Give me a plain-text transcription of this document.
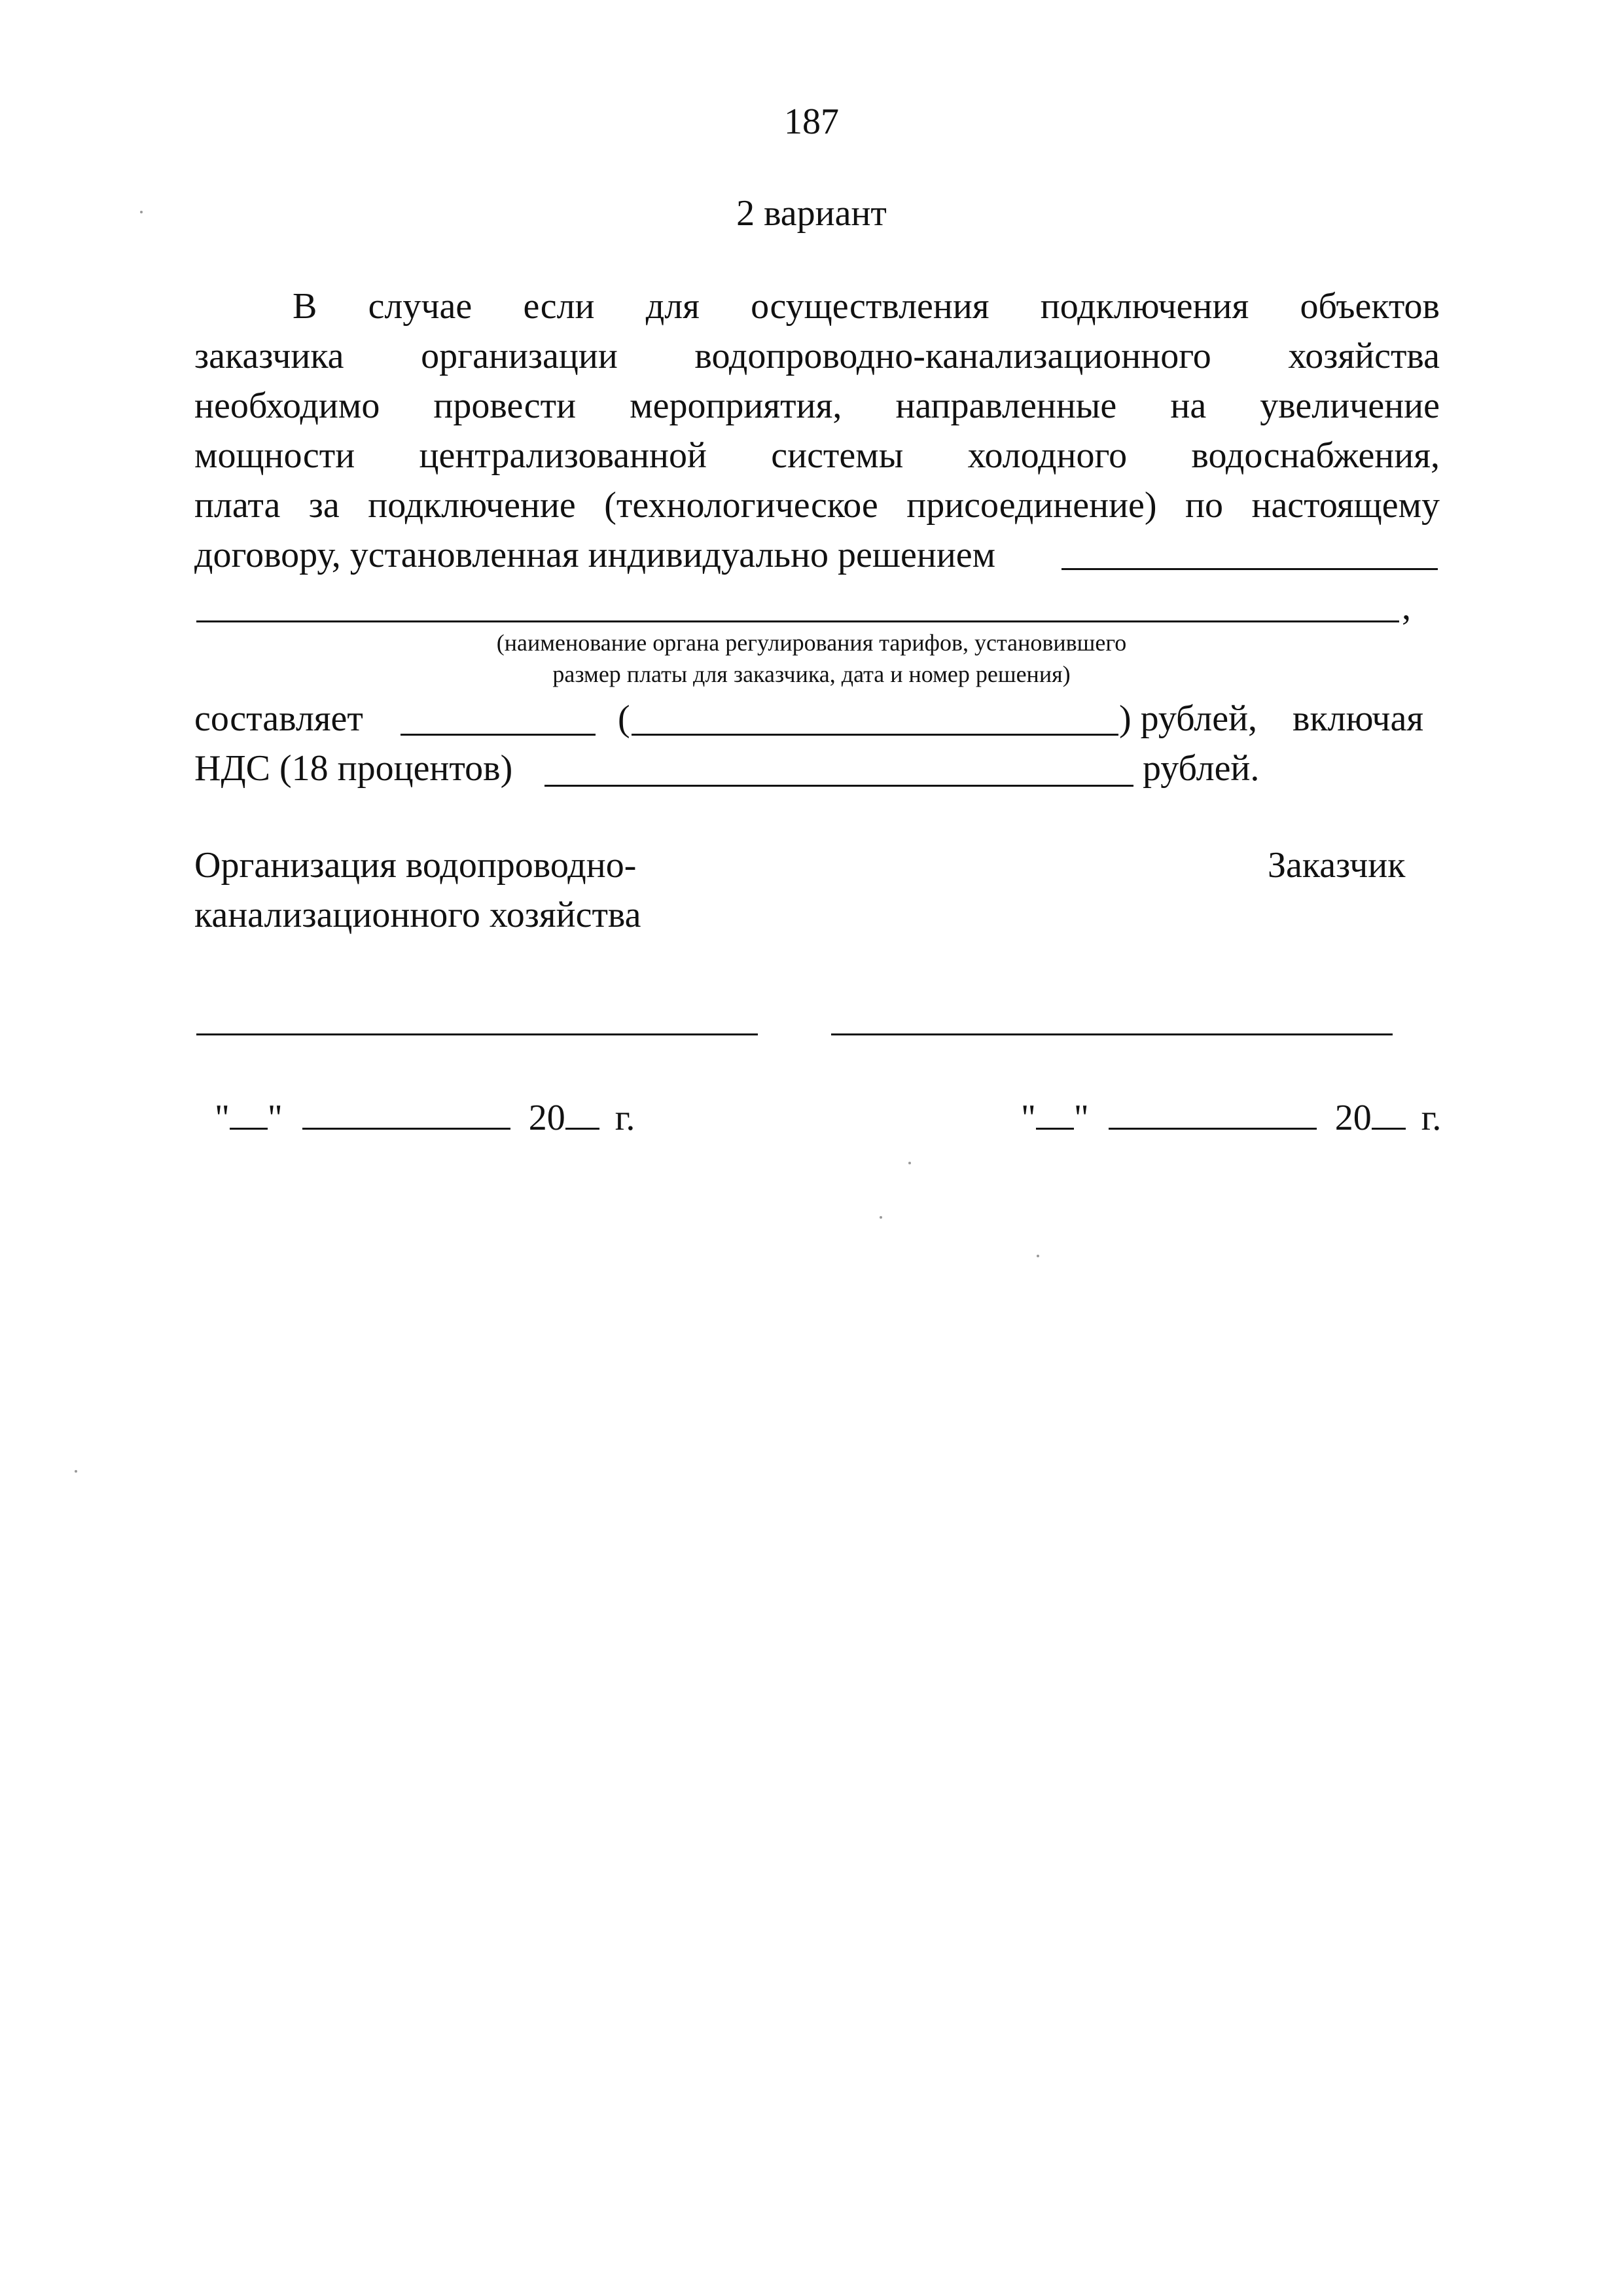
187
2 вариант
В случае если для осуществления подключения объектов
заказчика организации водопроводно-канализационного хозяйства
необходимо провести мероприятия, направленные на увеличение
мощности централизованной системы холодного водоснабжения,
плата за подключение (технологическое присоединение) по настоящему
договору, установленная индивидуально решением
,
(наименование органа регулирования тарифов, установившего
размер платы для заказчика, дата и номер решения)
составляет	(	) рублей, включая
НДС (18 процентов)	рублей.
Организация водопроводно-
канализационного хозяйства
Заказчик
" "	20 г.	" "	20 г.
